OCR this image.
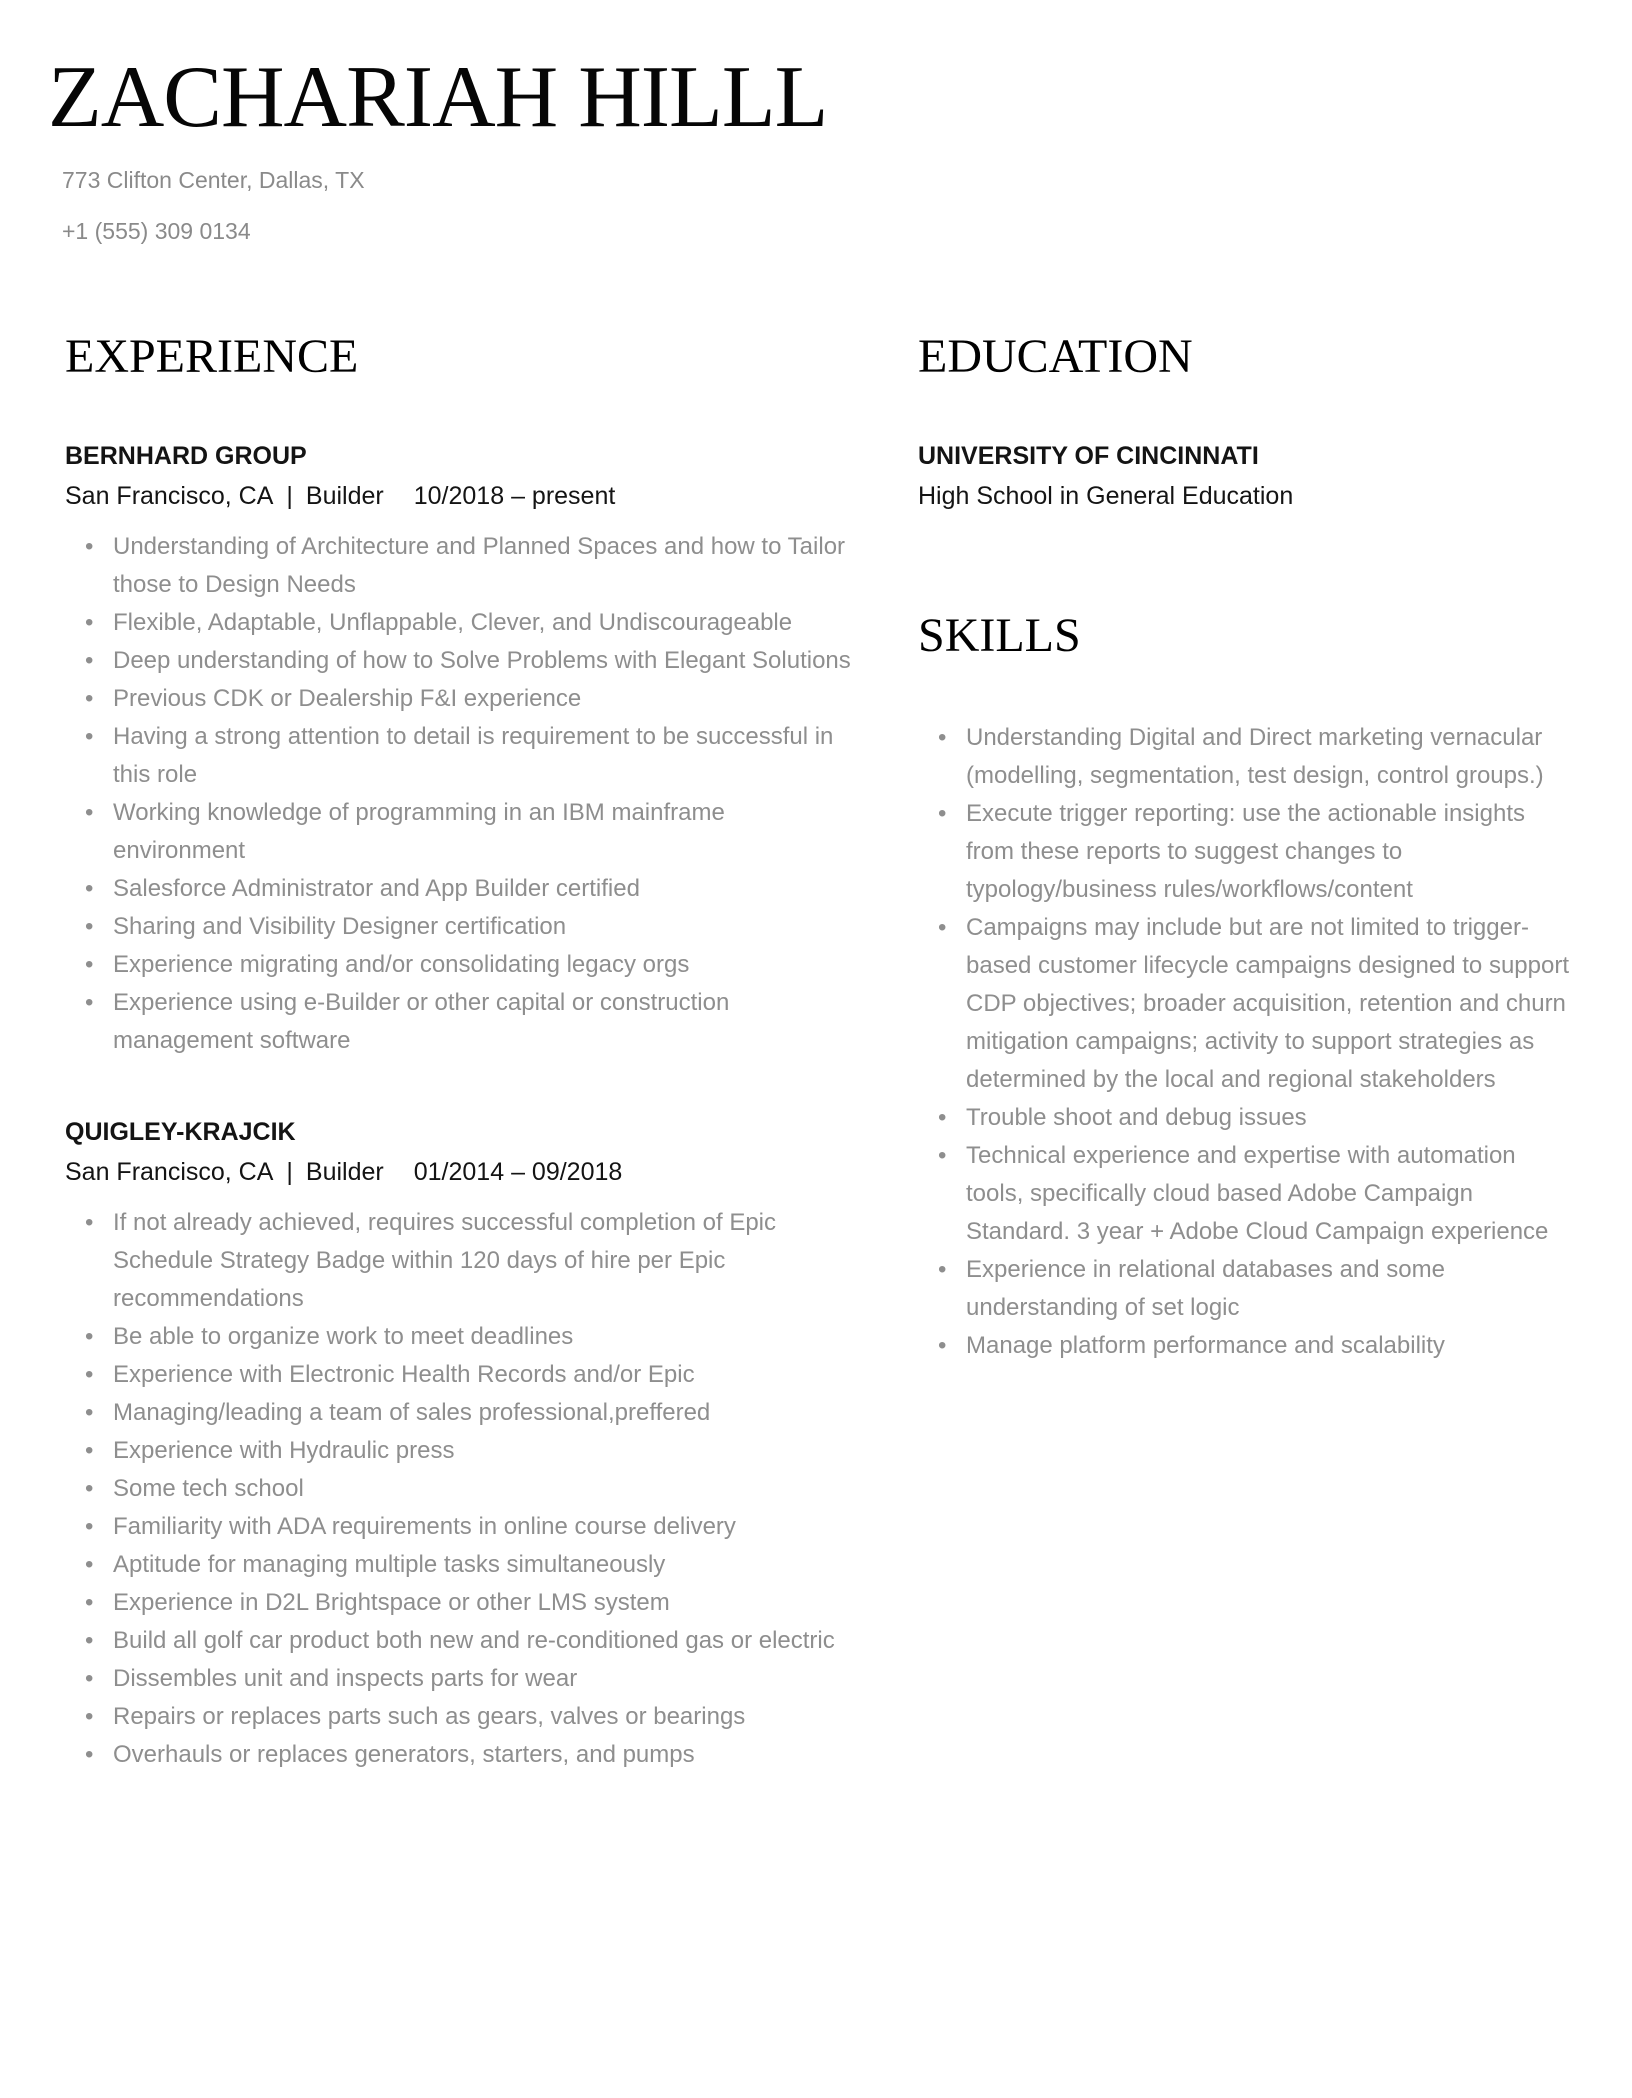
ZACHARIAH HILLL
773 Clifton Center, Dallas, TX
+1 (555) 309 0134
EXPERIENCE
BERNHARD GROUP
San Francisco, CA | Builder 10/2018 – present
• Understanding of Architecture and Planned Spaces and how to Tailor those to Design Needs
• Flexible, Adaptable, Unflappable, Clever, and Undiscourageable
• Deep understanding of how to Solve Problems with Elegant Solutions
• Previous CDK or Dealership F&I experience
• Having a strong attention to detail is requirement to be successful in this role
• Working knowledge of programming in an IBM mainframe environment
• Salesforce Administrator and App Builder certified
• Sharing and Visibility Designer certification
• Experience migrating and/or consolidating legacy orgs
• Experience using e-Builder or other capital or construction management software
QUIGLEY-KRAJCIK
San Francisco, CA | Builder 01/2014 – 09/2018
• If not already achieved, requires successful completion of Epic Schedule Strategy Badge within 120 days of hire per Epic recommendations
• Be able to organize work to meet deadlines
• Experience with Electronic Health Records and/or Epic
• Managing/leading a team of sales professional,preffered
• Experience with Hydraulic press
• Some tech school
• Familiarity with ADA requirements in online course delivery
• Aptitude for managing multiple tasks simultaneously
• Experience in D2L Brightspace or other LMS system
• Build all golf car product both new and re-conditioned gas or electric
• Dissembles unit and inspects parts for wear
• Repairs or replaces parts such as gears, valves or bearings
• Overhauls or replaces generators, starters, and pumps
EDUCATION
UNIVERSITY OF CINCINNATI
High School in General Education
SKILLS
• Understanding Digital and Direct marketing vernacular (modelling, segmentation, test design, control groups.)
• Execute trigger reporting: use the actionable insights from these reports to suggest changes to typology/business rules/workflows/content
• Campaigns may include but are not limited to trigger-based customer lifecycle campaigns designed to support CDP objectives; broader acquisition, retention and churn mitigation campaigns; activity to support strategies as determined by the local and regional stakeholders
• Trouble shoot and debug issues
• Technical experience and expertise with automation tools, specifically cloud based Adobe Campaign Standard. 3 year + Adobe Cloud Campaign experience
• Experience in relational databases and some understanding of set logic
• Manage platform performance and scalability
